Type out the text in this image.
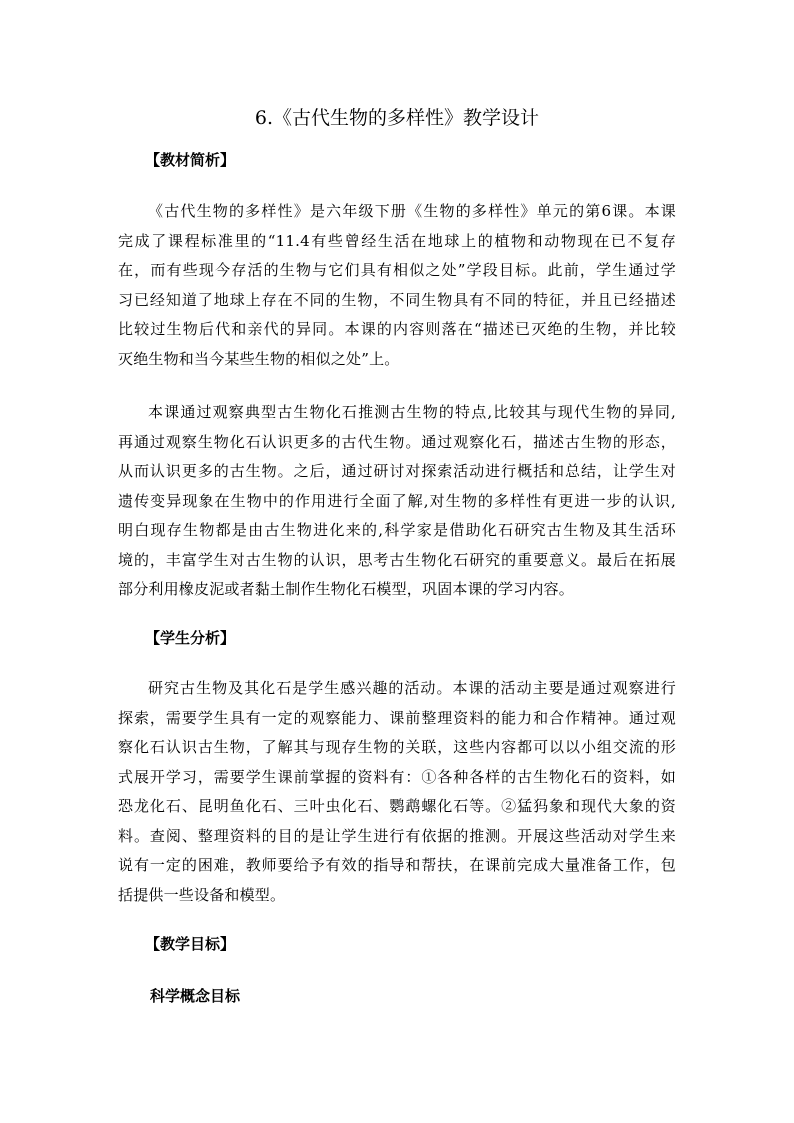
6.《古代生物的多样性》教学设计
【教材简析】
《古代生物的多样性》是六年级下册《生物的多样性》单元的第6课。本课
完成了课程标准里的“11.4有些曾经生活在地球上的植物和动物现在已不复存
在，而有些现今存活的生物与它们具有相似之处”学段目标。此前，学生通过学
习已经知道了地球上存在不同的生物，不同生物具有不同的特征，并且已经描述
比较过生物后代和亲代的异同。本课的内容则落在“描述已灭绝的生物，并比较
灭绝生物和当今某些生物的相似之处”上。
本课通过观察典型古生物化石推测古生物的特点,比较其与现代生物的异同,
再通过观察生物化石认识更多的古代生物。通过观察化石，描述古生物的形态，
从而认识更多的古生物。之后，通过研讨对探索活动进行概括和总结，让学生对
遗传变异现象在生物中的作用进行全面了解,对生物的多样性有更进一步的认识,
明白现存生物都是由古生物进化来的,科学家是借助化石研究古生物及其生活环
境的，丰富学生对古生物的认识，思考古生物化石研究的重要意义。最后在拓展
部分利用橡皮泥或者黏土制作生物化石模型，巩固本课的学习内容。
【学生分析】
研究古生物及其化石是学生感兴趣的活动。本课的活动主要是通过观察进行
探索，需要学生具有一定的观察能力、课前整理资料的能力和合作精神。通过观
察化石认识古生物，了解其与现存生物的关联，这些内容都可以以小组交流的形
式展开学习，需要学生课前掌握的资料有：①各种各样的古生物化石的资料，如
恐龙化石、昆明鱼化石、三叶虫化石、鹦鹉螺化石等。②猛犸象和现代大象的资
料。查阅、整理资料的目的是让学生进行有依据的推测。开展这些活动对学生来
说有一定的困难，教师要给予有效的指导和帮扶，在课前完成大量准备工作，包
括提供一些设备和模型。
【教学目标】
科学概念目标
